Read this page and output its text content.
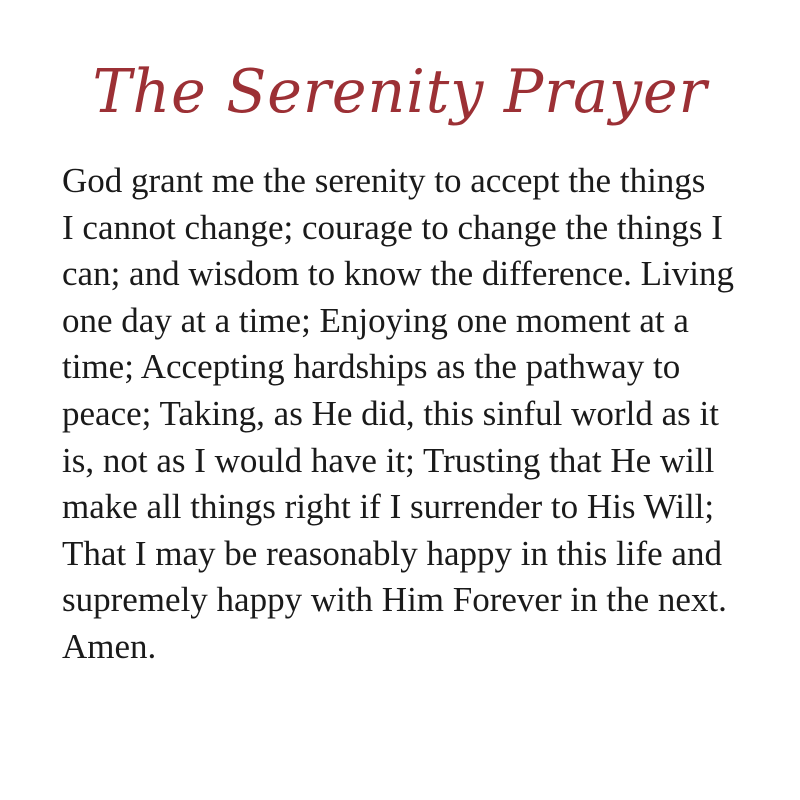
The Serenity Prayer
God grant me the serenity to accept the things
I cannot change; courage to change the things I
can; and wisdom to know the difference. Living
one day at a time; Enjoying one moment at a
time; Accepting hardships as the pathway to
peace; Taking, as He did, this sinful world as it
is, not as I would have it; Trusting that He will
make all things right if I surrender to His Will;
That I may be reasonably happy in this life and
supremely happy with Him Forever in the next.
Amen.
